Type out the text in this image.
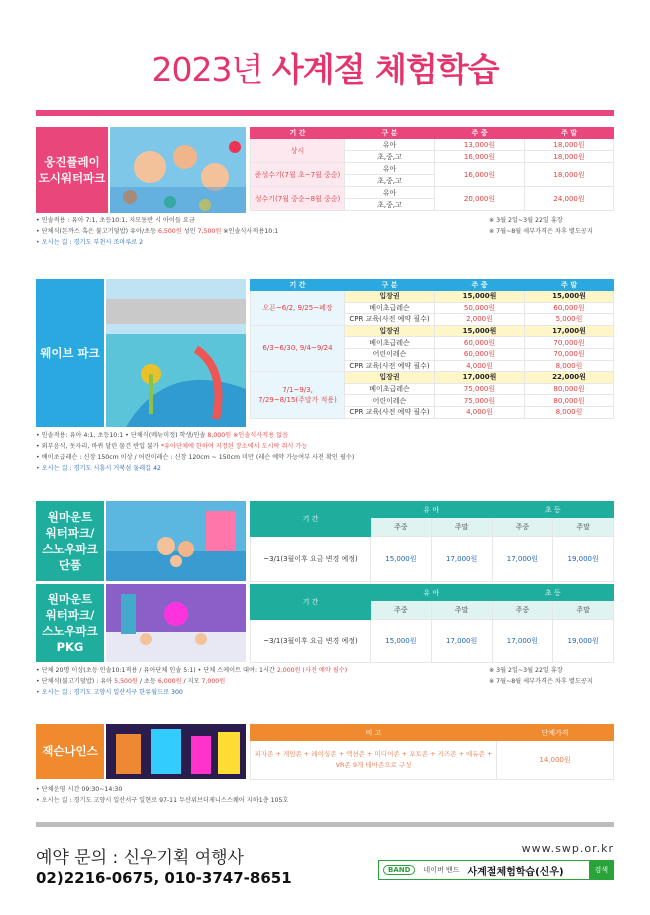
2023년 사계절 체험학습
웅진플레이
도시워터파크
기 간	구 분	주 중	주 말
상시	유아	13,000원	18,000원
	초,중,고	16,000원	18,000원
준성수기(7월 초~7월 중순)	유아	16,000원	18,000원
	초,중,고		
성수기(7월 중순~8월 중순)	유아	20,000원	24,000원
	초,중,고		
• 인솔적용 : 유아 7:1, 초등10:1, 지모동반 시 아이들 요금
• 단체식(돈까스 혹은 불고기덮밥) 유아/초등 6,500원 성인 7,500원 ※인솔식사적용10:1
• 오시는 길 : 경기도 부천시 조마루로 2
※ 3월 2일~3월 22일 휴장
※ 7월~8월 세부가격은 차후 별도공지
웨이브 파크
기 간	구 분	주 중	주 말
오픈~6/2, 9/25~폐장	입장권	15,000원	15,000원
	베이초급레슨	50,000원	60,000원
	CPR 교육(사전 예약 필수)	2,000원	5,000원
6/3~6/30, 9/4~9/24	입장권	15,000원	17,000원
	베이초급레슨	60,000원	70,000원
	어린이레슨	60,000원	70,000원
	CPR 교육(사전 예약 필수)	4,000원	8,000원
7/1~9/3,
7/29~8/15(주말가 적용)	입장권	17,000원	22,000원
	베이초급레슨	75,000원	80,000원
	어린이레슨	75,000원	80,000원
	CPR 교육(사전 예약 필수)	4,000원	8,000원
• 인솔적용: 유아 4:1, 초등10:1 • 단체식(메뉴미정) 학생/인솔 8,000원 ※인솔식사적용 없음
• 외부음식, 돗자리, 바퀴 달린 물건 반입 불가 *유아단체에 한하여 지정된 장소에서 도시락 취식 가능
• 베이초급레슨 : 신장 150cm 이상 / 어린이레슨 : 신장 120cm ~ 150cm 미만 (레슨 예약 가능여부 사전 확인 필수)
• 오시는 길 : 경기도 시흥시 거북섬 둘레길 42
원마운트
워터파크/
스노우파크
단품
기 간	유 아		초 등	
	주중	주말	주중	주말
~3/1(3월이후 요금 변경 예정)	15,000원	17,000원	17,000원	19,000원
원마운트
워터파크/
스노우파크
PKG
기 간	유 아		초 등	
	주중	주말	주중	주말
~3/1(3월이후 요금 변경 예정)	15,000원	17,000원	17,000원	19,000원
• 단체 20명 이상(초등 인솔10:1적용 / 유아단체 인솔 5:1) • 단체 스케이트 대여: 1시간 2,000원 (사전 예약 필수)
• 단체식(불고기덮밥) : 유아 5,500원 / 초등 6,000원 / 지모 7,000원
• 오시는 길 : 경기도 고양시 일산서구 한류월드로 300
※ 3월 2일~3월 22일 휴장
※ 7월~8월 세부가격은 차후 별도공지
잭슨나인스
비 고	단체가격
피자존 + 게임존 + 레이싱존 + 액션존 + 미디어존 + 포토존 + 키즈존 + 에듀존 +
VR존 9개 테마존으로 구성	14,000원
• 단체운영 시간 09:30~14:30
• 오시는 길 : 경기도 고양시 일산서구 일현로 97-11 두산위브더제니스스퀘어 지하1층 105호
예약 문의 : 신우기획 여행사
02)2216-0675, 010-3747-8651
www.swp.or.kr
BAND	네이버 밴드 사계절체험학습(신우)	검색
